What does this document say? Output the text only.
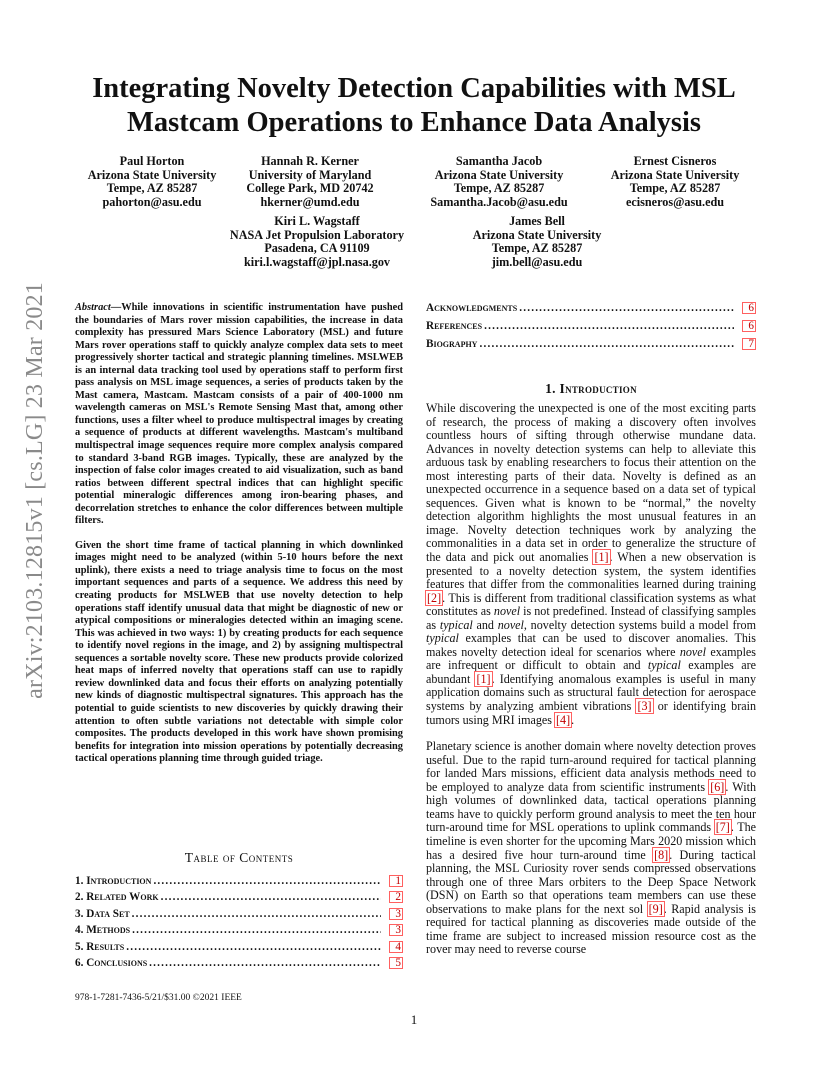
arXiv:2103.12815v1 [cs.LG] 23 Mar 2021
Integrating Novelty Detection Capabilities with MSL
Mastcam Operations to Enhance Data Analysis
Paul Horton
Arizona State University
Tempe, AZ 85287
pahorton@asu.edu
Hannah R. Kerner
University of Maryland
College Park, MD 20742
hkerner@umd.edu
Samantha Jacob
Arizona State University
Tempe, AZ 85287
Samantha.Jacob@asu.edu
Ernest Cisneros
Arizona State University
Tempe, AZ 85287
ecisneros@asu.edu
Kiri L. Wagstaff
NASA Jet Propulsion Laboratory
Pasadena, CA 91109
kiri.l.wagstaff@jpl.nasa.gov
James Bell
Arizona State University
Tempe, AZ 85287
jim.bell@asu.edu

Abstract—While innovations in scientific instrumentation have pushed the boundaries of Mars rover mission capabilities, the increase in data complexity has pressured Mars Science Laboratory (MSL) and future Mars rover operations staff to quickly analyze complex data sets to meet progressively shorter tactical and strategic planning timelines. MSLWEB is an internal data tracking tool used by operations staff to perform first pass analysis on MSL image sequences, a series of products taken by the Mast camera, Mastcam. Mastcam consists of a pair of 400-1000 nm wavelength cameras on MSL's Remote Sensing Mast that, among other functions, uses a filter wheel to produce multispectral images by creating a sequence of products at different wavelengths. Mastcam's multiband multispectral image sequences require more complex analysis compared to standard 3-band RGB images. Typically, these are analyzed by the inspection of false color images created to aid visualization, such as band ratios between different spectral indices that can highlight specific potential mineralogic differences among iron-bearing phases, and decorrelation stretches to enhance the color differences between multiple filters.

Given the short time frame of tactical planning in which downlinked images might need to be analyzed (within 5-10 hours before the next uplink), there exists a need to triage analysis time to focus on the most important sequences and parts of a sequence. We address this need by creating products for MSLWEB that use novelty detection to help operations staff identify unusual data that might be diagnostic of new or atypical compositions or mineralogies detected within an imaging scene. This was achieved in two ways: 1) by creating products for each sequence to identify novel regions in the image, and 2) by assigning multispectral sequences a sortable novelty score. These new products provide colorized heat maps of inferred novelty that operations staff can use to rapidly review downlinked data and focus their efforts on analyzing potentially new kinds of diagnostic multispectral signatures. This approach has the potential to guide scientists to new discoveries by quickly drawing their attention to often subtle variations not detectable with simple color composites. The products developed in this work have shown promising benefits for integration into mission operations by potentially decreasing tactical operations planning time through guided triage.

Table of Contents
1. Introduction .....	1
2. Related Work .....	2
3. Data Set .....	3
4. Methods .....	3
5. Results .....	4
6. Conclusions .....	5
Acknowledgments .....	6
References .....	6
Biography .....	7
1. Introduction

While discovering the unexpected is one of the most exciting parts of research, the process of making a discovery often involves countless hours of sifting through otherwise mundane data. Advances in novelty detection systems can help to alleviate this arduous task by enabling researchers to focus their attention on the most interesting parts of their data. Novelty is defined as an unexpected occurrence in a sequence based on a data set of typical sequences. Given what is known to be “normal,” the novelty detection algorithm highlights the most unusual features in an image. Novelty detection techniques work by analyzing the commonalities in a data set in order to generalize the structure of the data and pick out anomalies [1]. When a new observation is presented to a novelty detection system, the system identifies features that differ from the commonalities learned during training [2]. This is different from traditional classification systems as what constitutes as novel is not predefined. Instead of classifying samples as typical and novel, novelty detection systems build a model from typical examples that can be used to discover anomalies. This makes novelty detection ideal for scenarios where novel examples are infrequent or difficult to obtain and typical examples are abundant [1]. Identifying anomalous examples is useful in many application domains such as structural fault detection for aerospace systems by analyzing ambient vibrations [3] or identifying brain tumors using MRI images [4].

Planetary science is another domain where novelty detection proves useful. Due to the rapid turn-around required for tactical planning for landed Mars missions, efficient data analysis methods need to be employed to analyze data from scientific instruments [6]. With high volumes of downlinked data, tactical operations planning teams have to quickly perform ground analysis to meet the ten hour turn-around time for MSL operations to uplink commands [7]. The timeline is even shorter for the upcoming Mars 2020 mission which has a desired five hour turn-around time [8]. During tactical planning, the MSL Curiosity rover sends compressed observations through one of three Mars orbiters to the Deep Space Network (DSN) on Earth so that operations team members can use these observations to make plans for the next sol [9]. Rapid analysis is required for tactical planning as discoveries made outside of the time frame are subject to increased mission resource cost as the rover may need to reverse course

978-1-7281-7436-5/21/$31.00 ©2021 IEEE
1
